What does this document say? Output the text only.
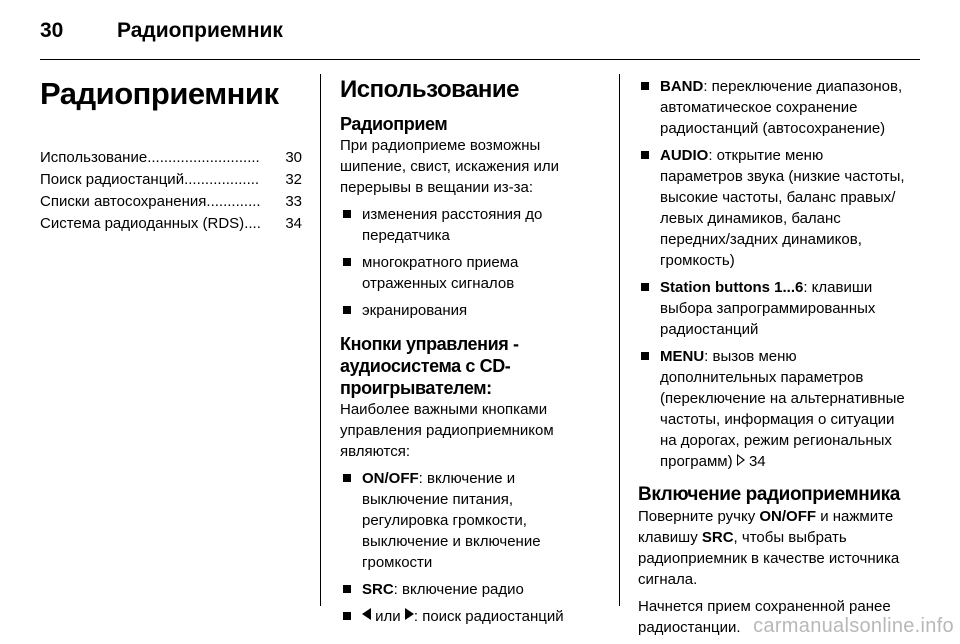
30	Радиоприемник
Радиоприемник
Использование ...........................	30
Поиск радиостанций ..................	32
Списки автосохранения .............	33
Система радиоданных (RDS) ....	34
Использование
Радиоприем

При радиоприеме возможны шипение, свист, искажения или перерывы в вещании из-за:

изменения расстояния до передатчика
многократного приема отраженных сигналов
экранирования
Кнопки управления - аудиосистема с CD-проигрывателем:

Наиболее важными кнопками управления радиоприемником являются:

ON/OFF: включение и выключение питания, регулировка громкости, выключение и включение громкости
SRC: включение радио
или : поиск радиостанций
BAND: переключение диапазонов, автоматическое сохранение радиостанций (автосохранение)
AUDIO: открытие меню параметров звука (низкие частоты, высокие частоты, баланс правых/левых динамиков, баланс передних/задних динамиков, громкость)
Station buttons 1...6: клавиши выбора запрограммированных радиостанций
MENU: вызов меню дополнительных параметров (переключение на альтернативные частоты, информация о ситуации на дорогах, режим региональных программ) 34
Включение радиоприемника

Поверните ручку ON/OFF и нажмите клавишу SRC, чтобы выбрать радиоприемник в качестве источника сигнала.

Начнется прием сохраненной ранее радиостанции. carmanualsonline.info
